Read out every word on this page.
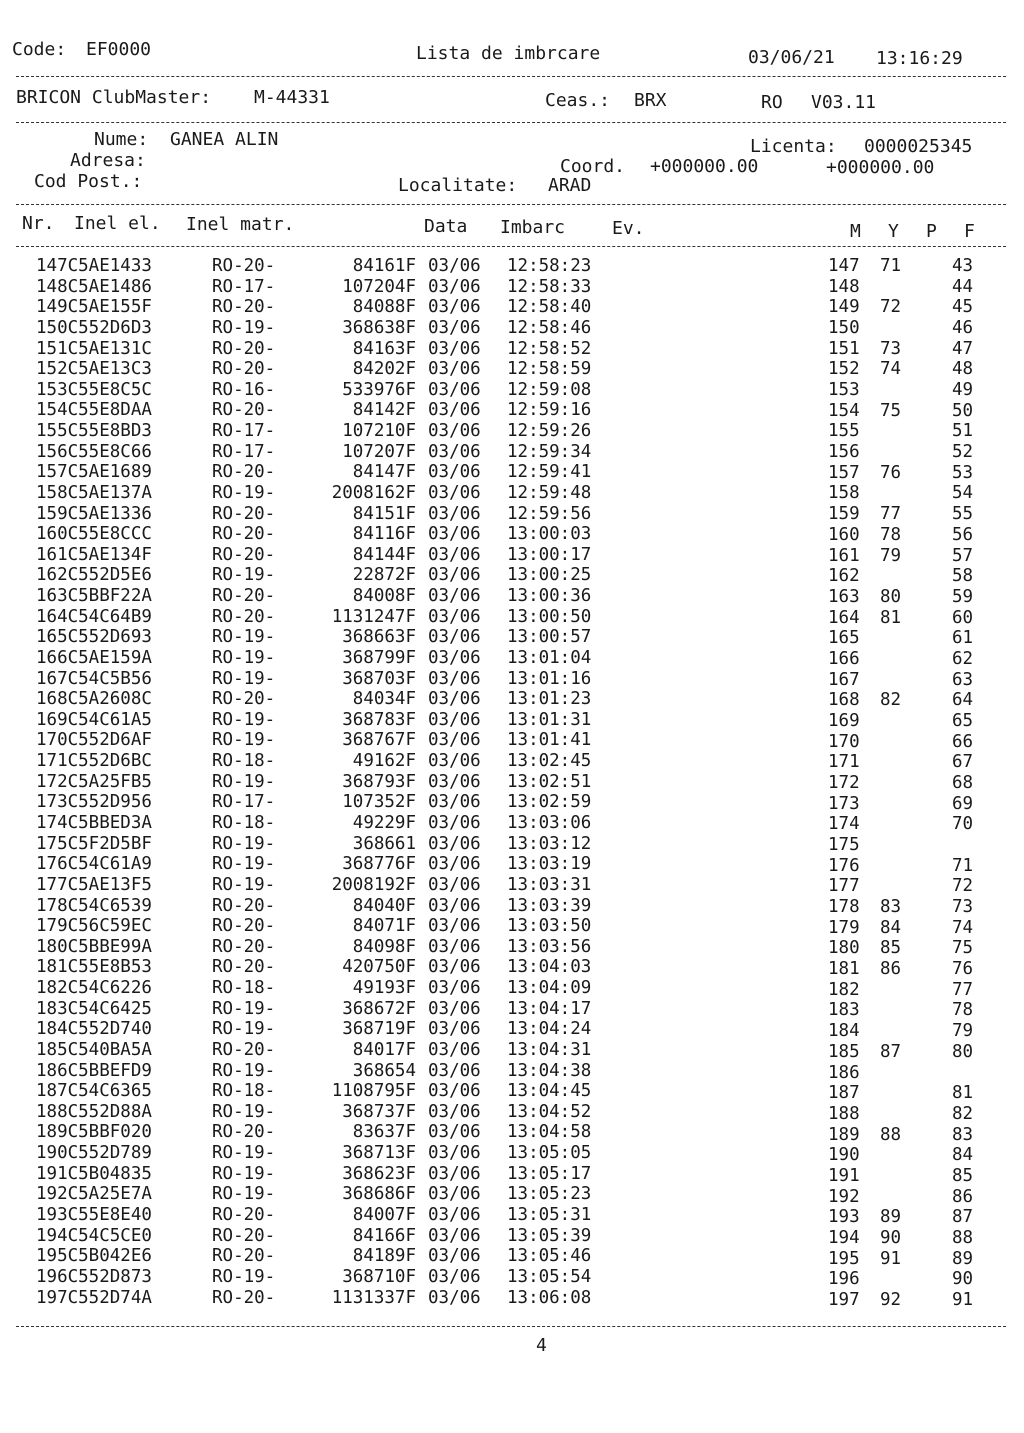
Code: EF0000	Lista de imbrcare	03/06/21 13:16:29
BRICON ClubMaster: M-44331	Ceas.: BRX	RO V03.11
Nume: GANEA ALIN
Adresa:
Cod Post.:
Licenta: 0000025345
Coord. +000000.00	+000000.00
Localitate: ARAD
Nr. Inel el. Inel matr.	Data Imbarc	Ev.	M Y P F
147C5AE1433	RO-20-	84161F 03/06 12:58:23	147 71	43
148C5AE1486	RO-17-	107204F 03/06 12:58:33	148	44
149C5AE155F	RO-20-	84088F 03/06 12:58:40	149 72	45
150C552D6D3	RO-19-	368638F 03/06 12:58:46	150	46
151C5AE131C	RO-20-	84163F 03/06 12:58:52	151 73	47
152C5AE13C3	RO-20-	84202F 03/06 12:58:59	152 74	48
153C55E8C5C	RO-16-	533976F 03/06 12:59:08	153	49
154C55E8DAA	RO-20-	84142F 03/06 12:59:16	154 75	50
155C55E8BD3	RO-17-	107210F 03/06 12:59:26	155	51
156C55E8C66	RO-17-	107207F 03/06 12:59:34	156	52
157C5AE1689	RO-20-	84147F 03/06 12:59:41	157 76	53
158C5AE137A	RO-19-	2008162F 03/06 12:59:48	158	54
159C5AE1336	RO-20-	84151F 03/06 12:59:56	159 77	55
160C55E8CCC	RO-20-	84116F 03/06 13:00:03	160 78	56
161C5AE134F	RO-20-	84144F 03/06 13:00:17	161 79	57
162C552D5E6	RO-19-	22872F 03/06 13:00:25	162	58
163C5BBF22A	RO-20-	84008F 03/06 13:00:36	163 80	59
164C54C64B9	RO-20-	1131247F 03/06 13:00:50	164 81	60
165C552D693	RO-19-	368663F 03/06 13:00:57	165	61
166C5AE159A	RO-19-	368799F 03/06 13:01:04	166	62
167C54C5B56	RO-19-	368703F 03/06 13:01:16	167	63
168C5A2608C	RO-20-	84034F 03/06 13:01:23	168 82	64
169C54C61A5	RO-19-	368783F 03/06 13:01:31	169	65
170C552D6AF	RO-19-	368767F 03/06 13:01:41	170	66
171C552D6BC	RO-18-	49162F 03/06 13:02:45	171	67
172C5A25FB5	RO-19-	368793F 03/06 13:02:51	172	68
173C552D956	RO-17-	107352F 03/06 13:02:59	173	69
174C5BBED3A	RO-18-	49229F 03/06 13:03:06	174	70
175C5F2D5BF	RO-19-	368661 03/06 13:03:12	175
176C54C61A9	RO-19-	368776F 03/06 13:03:19	176	71
177C5AE13F5	RO-19-	2008192F 03/06 13:03:31	177	72
178C54C6539	RO-20-	84040F 03/06 13:03:39	178 83	73
179C56C59EC	RO-20-	84071F 03/06 13:03:50	179 84	74
180C5BBE99A	RO-20-	84098F 03/06 13:03:56	180 85	75
181C55E8B53	RO-20-	420750F 03/06 13:04:03	181 86	76
182C54C6226	RO-18-	49193F 03/06 13:04:09	182	77
183C54C6425	RO-19-	368672F 03/06 13:04:17	183	78
184C552D740	RO-19-	368719F 03/06 13:04:24	184	79
185C540BA5A	RO-20-	84017F 03/06 13:04:31	185 87	80
186C5BBEFD9	RO-19-	368654 03/06 13:04:38	186
187C54C6365	RO-18-	1108795F 03/06 13:04:45	187	81
188C552D88A	RO-19-	368737F 03/06 13:04:52	188	82
189C5BBF020	RO-20-	83637F 03/06 13:04:58	189 88	83
190C552D789	RO-19-	368713F 03/06 13:05:05	190	84
191C5B04835	RO-19-	368623F 03/06 13:05:17	191	85
192C5A25E7A	RO-19-	368686F 03/06 13:05:23	192	86
193C55E8E40	RO-20-	84007F 03/06 13:05:31	193 89	87
194C54C5CE0	RO-20-	84166F 03/06 13:05:39	194 90	88
195C5B042E6	RO-20-	84189F 03/06 13:05:46	195 91	89
196C552D873	RO-19-	368710F 03/06 13:05:54	196	90
197C552D74A	RO-20-	1131337F 03/06 13:06:08	197 92	91
4
